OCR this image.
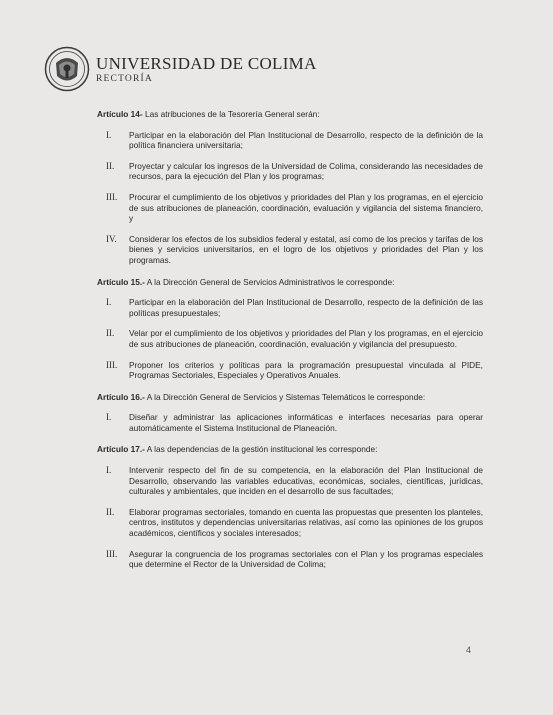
UNIVERSIDAD DE COLIMA
RECTORÍA
Artículo 14- Las atribuciones de la Tesorería General serán:
I.	Participar en la elaboración del Plan Institucional de Desarrollo, respecto de la definición de la política financiera universitaria;
II.	Proyectar y calcular los ingresos de la Universidad de Colima, considerando las necesidades de recursos, para la ejecución del Plan y los programas;
III.	Procurar el cumplimiento de los objetivos y prioridades del Plan y los programas, en el ejercicio de sus atribuciones de planeación, coordinación, evaluación y vigilancia del sistema financiero, y
IV.	Considerar los efectos de los subsidios federal y estatal, así como de los precios y tarifas de los bienes y servicios universitarios, en el logro de los objetivos y prioridades del Plan y los programas.
Artículo 15.- A la Dirección General de Servicios Administrativos le corresponde:
I.	Participar en la elaboración del Plan Institucional de Desarrollo, respecto de la definición de las políticas presupuestales;
II.	Velar por el cumplimiento de los objetivos y prioridades del Plan y los programas, en el ejercicio de sus atribuciones de planeación, coordinación, evaluación y vigilancia del presupuesto.
III.	Proponer los criterios y políticas para la programación presupuestal vinculada al PIDE, Programas Sectoriales, Especiales y Operativos Anuales.
Artículo 16.- A la Dirección General de Servicios y Sistemas Telemáticos le corresponde:
I.	Diseñar y administrar las aplicaciones informáticas e interfaces necesarias para operar automáticamente el Sistema Institucional de Planeación.
Artículo 17.- A las dependencias de la gestión institucional les corresponde:
I.	Intervenir respecto del fin de su competencia, en la elaboración del Plan Institucional de Desarrollo, observando las variables educativas, económicas, sociales, científicas, jurídicas, culturales y ambientales, que inciden en el desarrollo de sus facultades;
II.	Elaborar programas sectoriales, tomando en cuenta las propuestas que presenten los planteles, centros, institutos y dependencias universitarias relativas, así como las opiniones de los grupos académicos, científicos y sociales interesados;
III.	Asegurar la congruencia de los programas sectoriales con el Plan y los programas especiales que determine el Rector de la Universidad de Colima;
4
